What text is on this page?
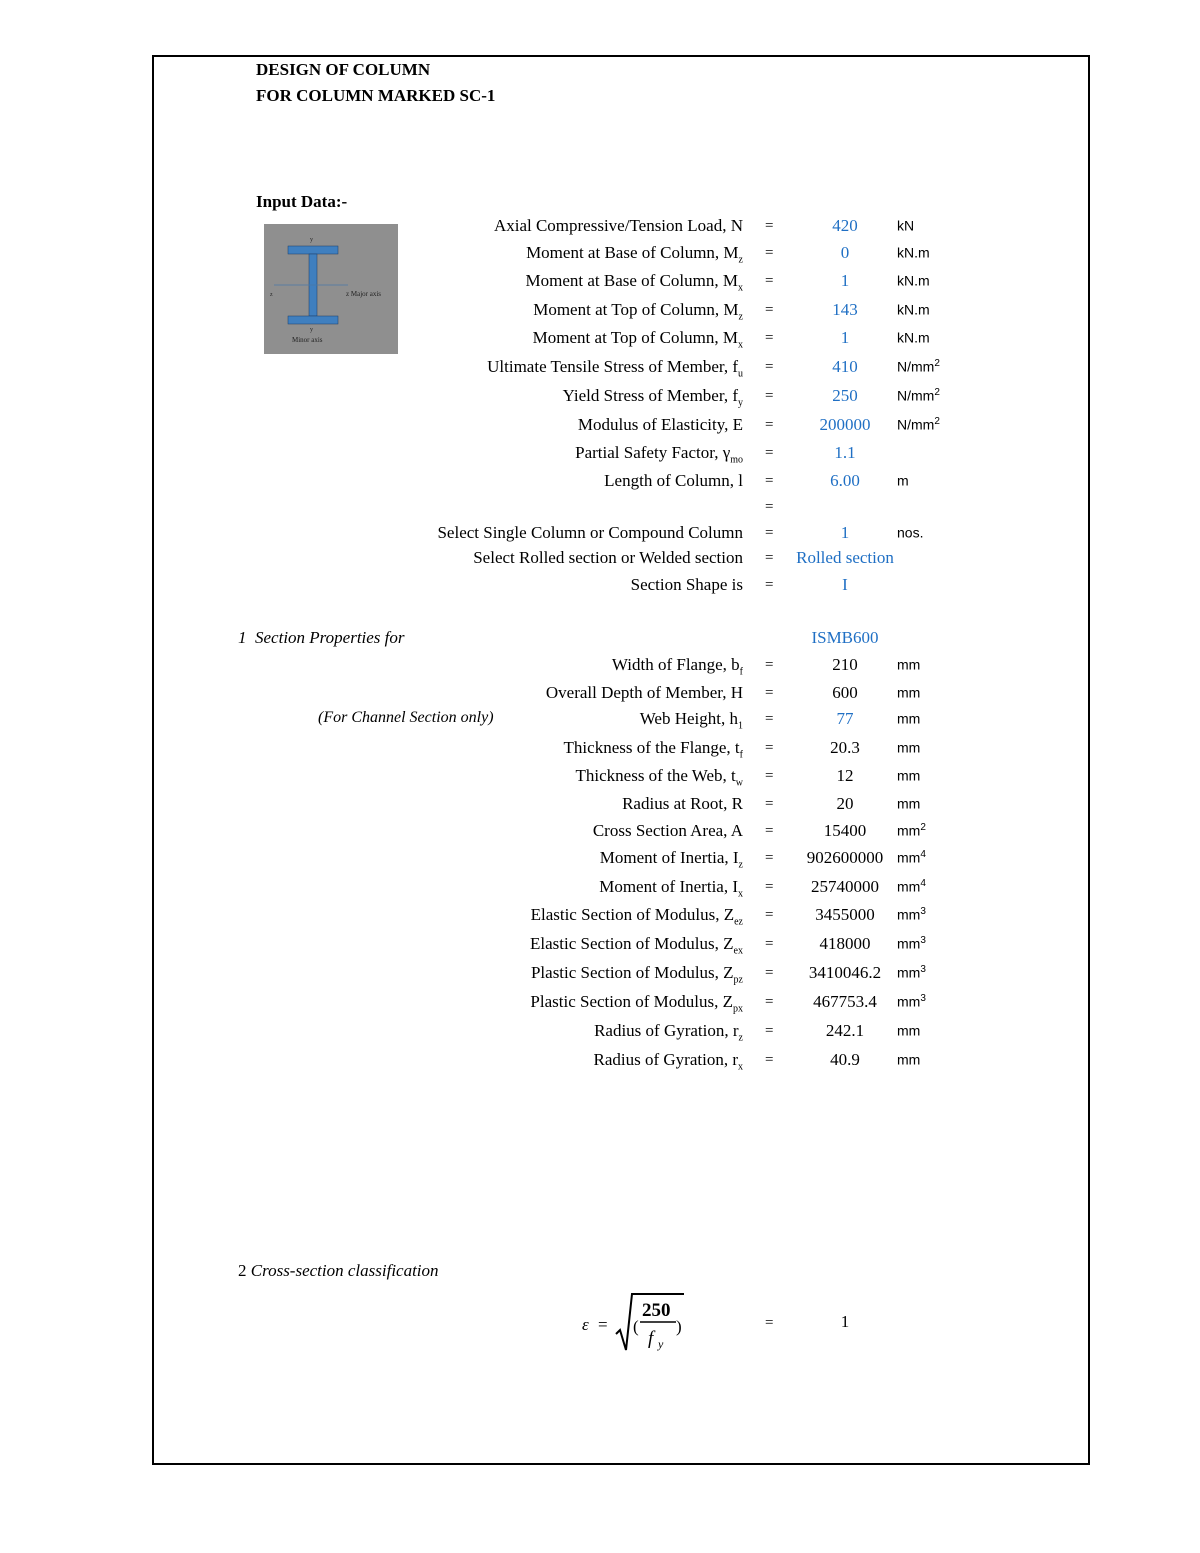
DESIGN OF COLUMN
FOR COLUMN MARKED SC-1
Input Data:-
y
z	z Major axis
y
Minor axis
Axial Compressive/Tension Load, N =	420	kN
Moment at Base of Column, $M_z$ =	0	kN.m
Moment at Base of Column, $M_x$ =	1	kN.m
Moment at Top of Column, $M_z$ =	143	kN.m
Moment at Top of Column, $M_x$ =	1	kN.m
Ultimate Tensile Stress of Member, $f_u$ =	410	$N/mm^2$
Yield Stress of Member, $f_y$ =	250	$N/mm^2$
Modulus of Elasticity, E =	200000	$N/mm^2$
Partial Safety Factor, $\gamma_{mo}$ =	1.1
Length of Column, l =	6.00	m
=
Select Single Column or Compound Column =	1	nos.
Select Rolled section or Welded section =	Rolled section
Section Shape is =	I
1 Section Properties for	ISMB600
(For Channel Section only)
Width of Flange, $b_f$ =	210	mm
Overall Depth of Member, H =	600	mm
Web Height, $h_1$ =	77	mm
Thickness of the Flange, $t_f$ =	20.3	mm
Thickness of the Web, $t_w$ =	12	mm
Radius at Root, R =	20	mm
Cross Section Area, A =	15400	$mm^2$
Moment of Inertia, $I_z$ =	902600000 $mm^4$
Moment of Inertia, $I_x$ =	25740000	$mm^4$
Elastic Section of Modulus, $Z_{ez}$ =	3455000	$mm^3$
Elastic Section of Modulus, $Z_{ex}$ =	418000	$mm^3$
Plastic Section of Modulus, $Z_{pz}$ =	3410046.2	$mm^3$
Plastic Section of Modulus, $Z_{px}$ =	467753.4	$mm^3$
Radius of Gyration, $r_z$ =	242.1	mm
Radius of Gyration, $r_x$ =	40.9	mm
2 Cross-section classification
ε = (
250
f y
)	=	1
